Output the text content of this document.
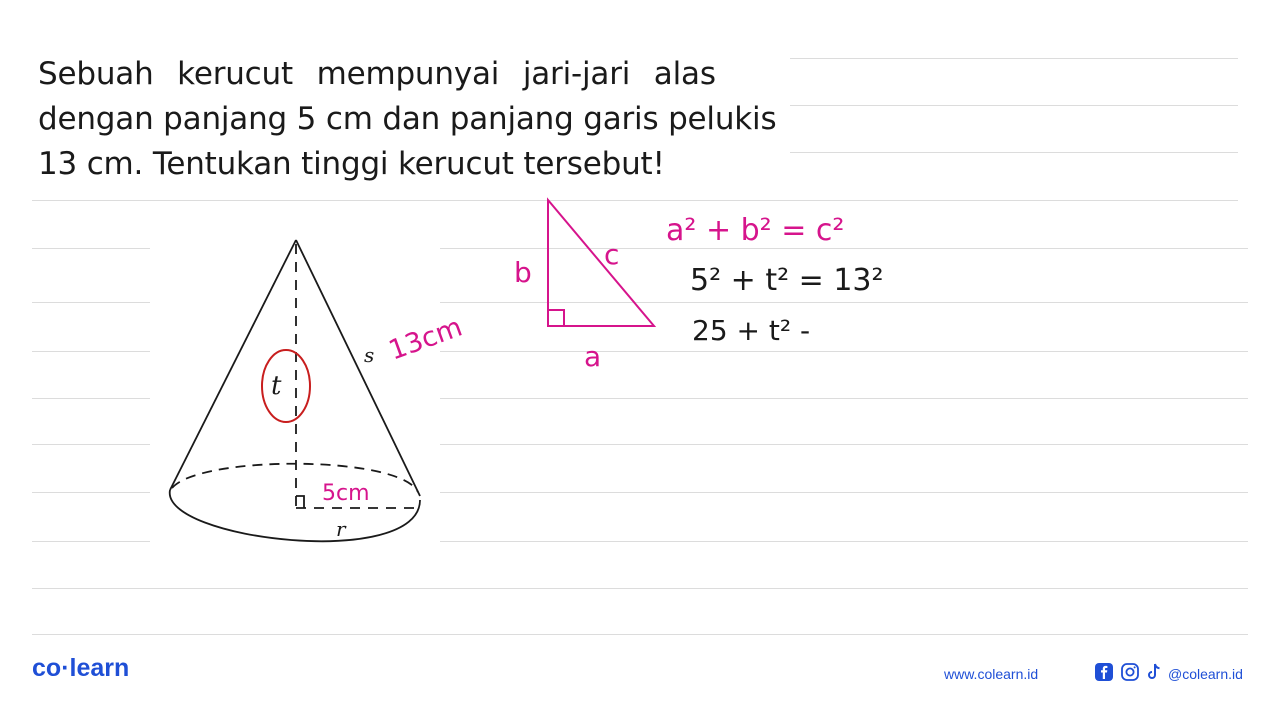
Sebuah kerucut mempunyai jari-jari alas
dengan panjang 5 cm dan panjang garis pelukis
13 cm. Tentukan tinggi kerucut tersebut!
t
s
r
13cm
5cm
b
c
a
a² + b² = c²
5² + t² = 13²
25 + t² -
co·learn	www.colearn.id	@colearn.id
